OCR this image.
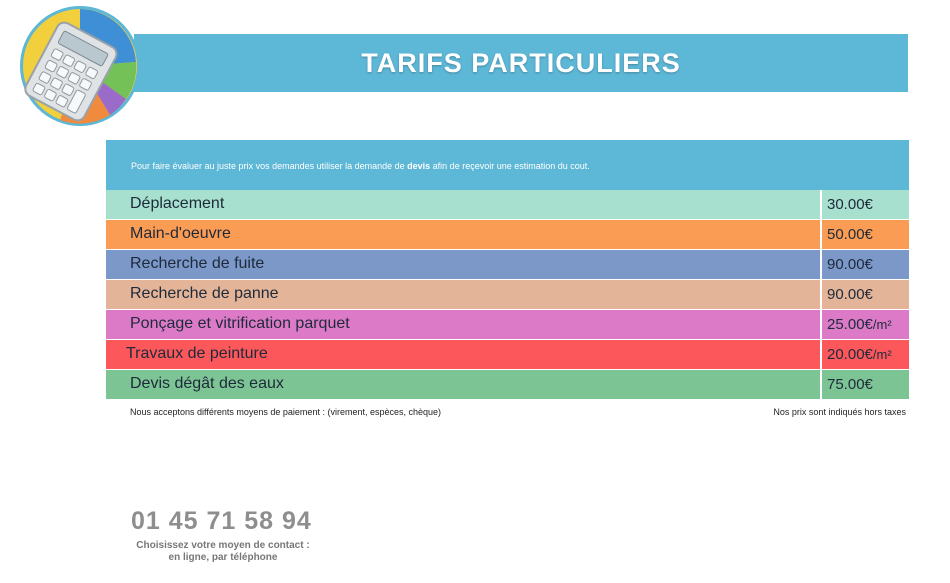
TARIFS PARTICULIERS
Pour faire évaluer au juste prix vos demandes utiliser la demande de devis afin de reçevoir une estimation du cout.
Déplacement	30.00€
Main-d'oeuvre	50.00€
Recherche de fuite	90.00€
Recherche de panne	90.00€
Ponçage et vitrification parquet	25.00€/m²
Travaux de peinture	20.00€/m²
Devis dégât des eaux	75.00€
Nous acceptons différents moyens de paiement : (virement, espèces, chèque)	Nos prix sont indiqués hors taxes
01 45 71 58 94
Choisissez votre moyen de contact :
en ligne, par téléphone
